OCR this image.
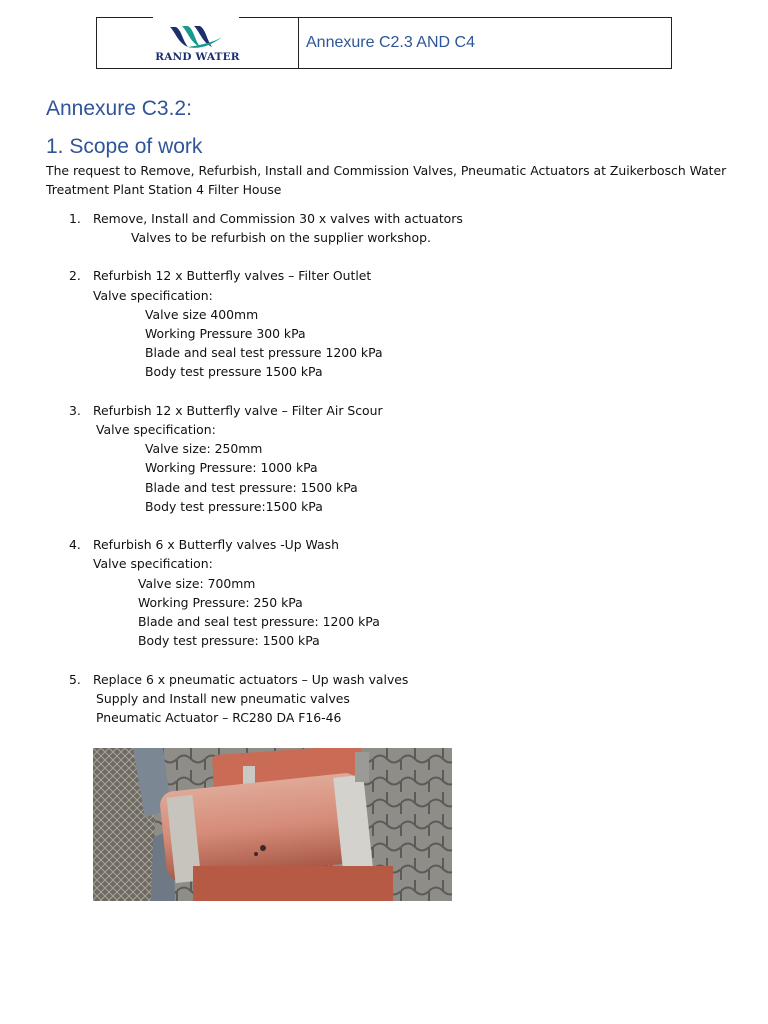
RAND WATER
Annexure C2.3 AND C4
Annexure C3.2:
1. Scope of work

The request to Remove, Refurbish, Install and Commission Valves, Pneumatic Actuators at Zuikerbosch Water Treatment Plant Station 4 Filter House

1. Remove, Install and Commission 30 x valves with actuators
Valves to be refurbish on the supplier workshop.
2. Refurbish 12 x Butterfly valves – Filter Outlet
Valve specification:
Valve size 400mm
Working Pressure 300 kPa
Blade and seal test pressure 1200 kPa
Body test pressure 1500 kPa
3. Refurbish 12 x Butterfly valve – Filter Air Scour
Valve specification:
Valve size: 250mm
Working Pressure: 1000 kPa
Blade and test pressure: 1500 kPa
Body test pressure:1500 kPa
4. Refurbish 6 x Butterfly valves -Up Wash
Valve specification:
Valve size: 700mm
Working Pressure: 250 kPa
Blade and seal test pressure: 1200 kPa
Body test pressure: 1500 kPa
5. Replace 6 x pneumatic actuators – Up wash valves
Supply and Install new pneumatic valves
Pneumatic Actuator – RC280 DA F16-46
